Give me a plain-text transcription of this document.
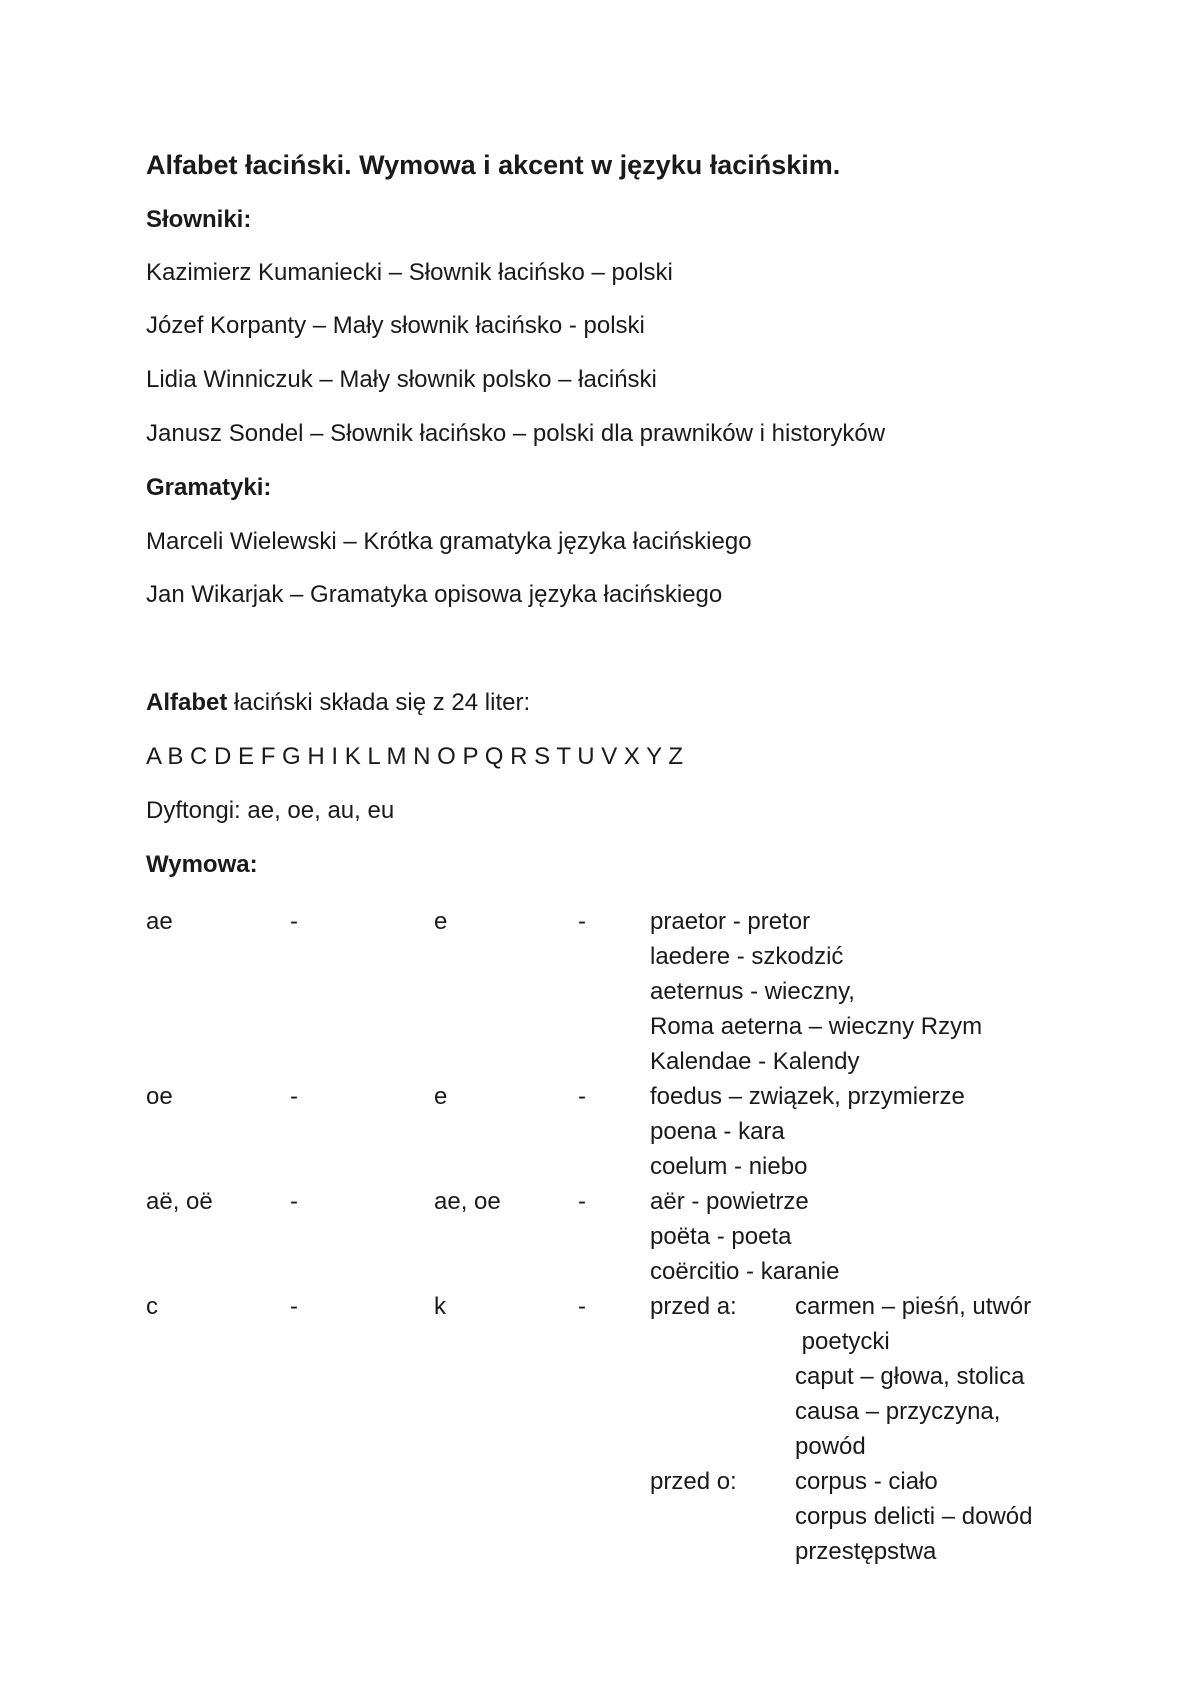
Alfabet łaciński. Wymowa i akcent w języku łacińskim.
Słowniki:
Kazimierz Kumaniecki – Słownik łacińsko – polski
Józef Korpanty – Mały słownik łacińsko - polski
Lidia Winniczuk – Mały słownik polsko – łaciński
Janusz Sondel – Słownik łacińsko – polski dla prawników i historyków
Gramatyki:
Marceli Wielewski – Krótka gramatyka języka łacińskiego
Jan Wikarjak – Gramatyka opisowa języka łacińskiego
Alfabet łaciński składa się z 24 liter:
A B C D E F G H I K L M N O P Q R S T U V X Y Z
Dyftongi: ae, oe, au, eu
Wymowa:
ae	-	e	-	praetor - pretor
laedere - szkodzić
aeternus - wieczny,
Roma aeterna – wieczny Rzym
Kalendae - Kalendy
oe	-	e	-	foedus – związek, przymierze
poena - kara
coelum - niebo
aë, oë	-	ae, oe	-	aër - powietrze
poëta - poeta
coërcitio - karanie
c	-	k	-	przed a: carmen – pieśń, utwór
poetycki
caput – głowa, stolica
causa – przyczyna,
powód
przed o: corpus - ciało
corpus delicti – dowód
przestępstwa
